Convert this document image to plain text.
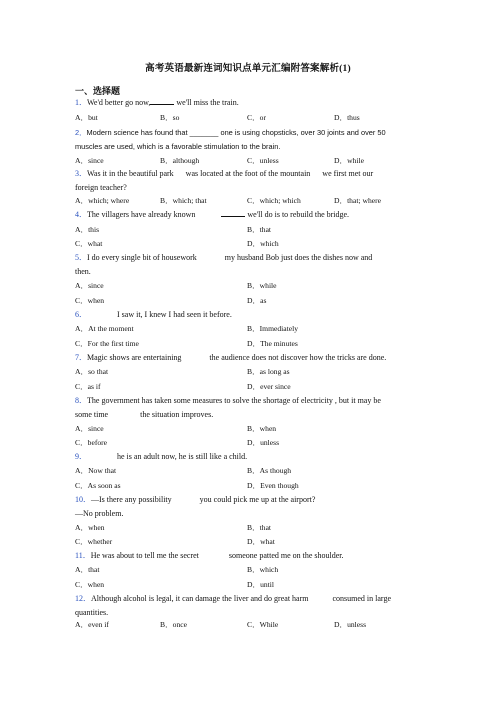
高考英语最新连词知识点单元汇编附答案解析(1)
一、选择题
1．We'd better go now,	we'll miss the train.
A．but	B．so	C．or	D．thus
2．Modern science has found that _______ one is using chopsticks, over 30 joints and over 50
muscles are used, which is a favorable stimulation to the brain.
A．since	B．although	C．unless	D．while
3．Was it in the beautiful park      was located at the foot of the mountain      we first met our
foreign teacher?
A．which; where	B．which; that	C．which; which	D．that; where
4．The villagers have already known	we'll do is to rebuild the bridge.
A．this	B．that
C．what	D．which
5．I do every single bit of housework              my husband Bob just does the dishes now and
then.
A．since	B．while
C．when	D．as
6．               I saw it, I knew I had seen it before.
A．At the moment	B．Immediately
C．For the first time	D．The minutes
7．Magic shows are entertaining              the audience does not discover how the tricks are done.
A．so that	B．as long as
C．as if	D．ever since
8．The government has taken some measures to solve the shortage of electricity , but it may be
some time                the situation improves.
A．since	B．when
C．before	D．unless
9．               he is an adult now, he is still like a child.
A．Now that	B．As though
C．As soon as	D．Even though
10．—Is there any possibility              you could pick me up at the airport?
—No problem.
A．when	B．that
C．whether	D．what
11．He was about to tell me the secret               someone patted me on the shoulder.
A．that	B．which
C．when	D．until
12．Although alcohol is legal, it can damage the liver and do great harm            consumed in large
quantities.
A．even if	B．once	C．While	D．unless
